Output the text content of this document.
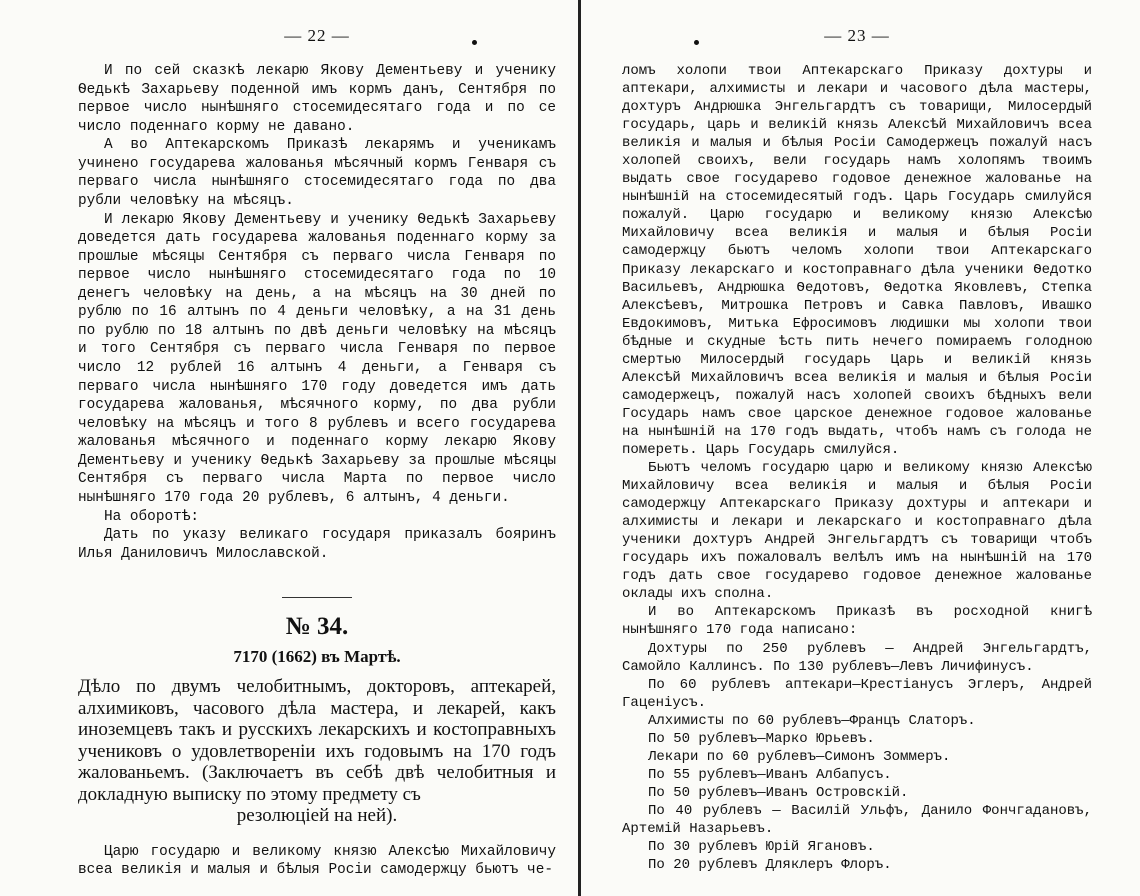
— 22 —

И по сей сказкѣ лекарю Якову Дементьеву и ученику Ѳедькѣ Захарьеву поденной имъ кормъ данъ, Сентября по первое число нынѣшняго стосемидесятаго года и по се число поденнаго корму не давано.

А во Аптекарскомъ Приказѣ лекарямъ и ученикамъ учинено государева жалованья мѣсячный кормъ Генваря съ перваго числа нынѣшняго стосемидесятаго года по два рубли человѣку на мѣсяцъ.

И лекарю Якову Дементьеву и ученику Ѳедькѣ Захарьеву доведется дать государева жалованья поденнаго корму за прошлые мѣсяцы Сентября съ перваго числа Генваря по первое число нынѣшняго стосемидесятаго года по 10 денегъ человѣку на день, а на мѣсяцъ на 30 дней по рублю по 16 алтынъ по 4 деньги человѣку, а на 31 день по рублю по 18 алтынъ по двѣ деньги человѣку на мѣсяцъ и того Сентября съ перваго числа Генваря по первое число 12 рублей 16 алтынъ 4 деньги, а Генваря съ перваго числа нынѣшняго 170 году доведется имъ дать государева жалованья, мѣсячного корму, по два рубли человѣку на мѣсяцъ и того 8 рублевъ и всего государева жалованья мѣсячного и поденнаго корму лекарю Якову Дементьеву и ученику Ѳедькѣ Захарьеву за прошлые мѣсяцы Сентября съ перваго числа Марта по первое число нынѣшняго 170 года 20 рублевъ, 6 алтынъ, 4 деньги.

На оборотѣ:

Дать по указу великаго государя приказалъ бояринъ Илья Даниловичъ Милославской.

№ 34.
7170 (1662) въ Мартѣ.
Дѣло по двумъ челобитнымъ, докторовъ, аптекарей, алхимиковъ, часового дѣла мастера, и лекарей, какъ иноземцевъ такъ и русскихъ лекарскихъ и костоправныхъ учениковъ о удовлетворенiи ихъ годовымъ на 170 годъ жалованьемъ. (Заключаетъ въ себѣ двѣ челобитныя и докладную выписку по этому предмету съ
резолюцiей на ней).

Царю государю и великому князю Алексѣю Михайловичу всеа великiя и малыя и бѣлыя Росiи самодержцу бьютъ че-

— 23 —

ломъ холопи твои Аптекарскаго Приказу дохтуры и аптекари, алхимисты и лекари и часового дѣла мастеры, дохтуръ Андрюшка Энгельгардтъ съ товарищи, Милосердый государь, царь и великiй князь Алексѣй Михайловичъ всеа великiя и малыя и бѣлыя Росiи Самодержецъ пожалуй насъ холопей своихъ, вели государь намъ холопямъ твоимъ выдать свое государево годовое денежное жалованье на нынѣшнiй на стосемидесятый годъ. Царь Государь смилуйся пожалуй. Царю государю и великому князю Алексѣю Михайловичу всеа великiя и малыя и бѣлыя Росiи самодержцу бьютъ челомъ холопи твои Аптекарскаго Приказу лекарскаго и костоправнаго дѣла ученики Ѳедотко Васильевъ, Андрюшка Ѳедотовъ, Ѳедотка Яковлевъ, Степка Алексѣевъ, Митрошка Петровъ и Савка Павловъ, Ивашко Евдокимовъ, Митька Ефросимовъ людишки мы холопи твои бѣдные и скудные ѣсть пить нечего помираемъ голодною смертью Милосердый государь Царь и великiй князь Алексѣй Михайловичъ всеа великiя и малыя и бѣлыя Росiи самодержецъ, пожалуй насъ холопей своихъ бѣдныхъ вели Государь намъ свое царское денежное годовое жалованье на нынѣшнiй на 170 годъ выдать, чтобъ намъ съ голода не помереть. Царь Государь смилуйся.

Бьютъ челомъ государю царю и великому князю Алексѣю Михайловичу всеа великiя и малыя и бѣлыя Росiи самодержцу Аптекарскаго Приказу дохтуры и аптекари и алхимисты и лекари и лекарскаго и костоправнаго дѣла ученики дохтуръ Андрей Энгельгардтъ съ товарищи чтобъ государь ихъ пожаловалъ велѣлъ имъ на нынѣшнiй на 170 годъ дать свое государево годовое денежное жалованье оклады ихъ сполна.

И во Аптекарскомъ Приказѣ въ росходной книгѣ нынѣшняго 170 года написано:

Дохтуры по 250 рублевъ — Андрей Энгельгардтъ, Самойло Каллинсъ. По 130 рублевъ—Левъ Личифинусъ.

По 60 рублевъ аптекари—Крестiанусъ Эглеръ, Андрей Гаценiусъ.

Алхимисты по 60 рублевъ—Францъ Слаторъ.

По 50 рублевъ—Марко Юрьевъ.

Лекари по 60 рублевъ—Симонъ Зоммеръ.

По 55 рублевъ—Иванъ Албапусъ.

По 50 рублевъ—Иванъ Островскiй.

По 40 рублевъ — Василiй Ульфъ, Данило Фончгадановъ, Артемiй Назарьевъ.

По 30 рублевъ Юрiй Ягановъ.

По 20 рублевъ Дляклеръ Флоръ.
